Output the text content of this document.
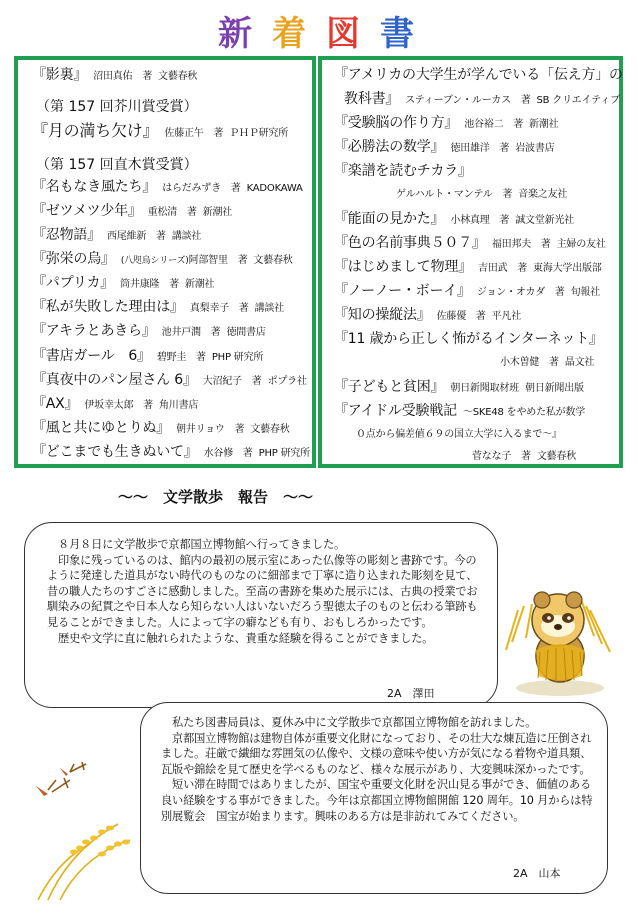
新 着 図 書
『影裏』 沼田真佑　著 文藝春秋
（第 157 回芥川賞受賞）
『月の満ち欠け』 佐藤正午　著 ＰＨＰ研究所
（第 157 回直木賞受賞）
『名もなき風たち』 はらだみずき　著 KADOKAWA
『ゼツメツ少年』 重松清　著 新潮社
『忍物語』 西尾維新　著 講談社
『弥栄の烏』 (八咫烏シリーズ)阿部智里　著 文藝春秋
『パプリカ』 筒井康隆　著 新潮社
『私が失敗した理由は』 真梨幸子　著 講談社
『アキラとあきら』 池井戸潤　著 徳間書店
『書店ガール　6』 碧野圭　著 PHP 研究所
『真夜中のパン屋さん 6』 大沼紀子　著 ポプラ社
『AX』 伊坂幸太郎　著 角川書店
『風と共にゆとりぬ』 朝井リョウ　著 文藝春秋
『どこまでも生きぬいて』 水谷修　著 PHP 研究所
『アメリカの大学生が学んでいる「伝え方」の
教科書』 スティーブン・ルーカス　著 SB クリエイティブ
『受験脳の作り方』 池谷裕二　著 新潮社
『必勝法の数学』 徳田雄洋　著 岩波書店
『楽譜を読むチカラ』
ゲルハルト・マンテル　著 音楽之友社
『能面の見かた』 小林真理　著 誠文堂新光社
『色の名前事典５０７』 福田邦夫　著 主婦の友社
『はじめまして物理』 吉田武　著 東海大学出版部
『ノーノー・ボーイ』 ジョン・オカダ　著 旬報社
『知の操縦法』 佐藤優　著 平凡社
『11 歳から正しく怖がるインターネット』
小木曽健　著 晶文社
『子どもと貧困』 朝日新聞取材班 朝日新聞出版
『アイドル受験戦記 ～SKE48 をやめた私が数学
０点から偏差値６９の国立大学に入るまで～』
菅なな子　著 文藝春秋
～～　文学散歩　報告　～～
　８月８日に文学散歩で京都国立博物館へ行ってきました。
　印象に残っているのは、館内の最初の展示室にあった仏像等の彫刻と書跡です。今のように発達した道具がない時代のものなのに細部まで丁寧に造り込まれた彫刻を見て、昔の職人たちのすごさに感動しました。至高の書跡を集めた展示には、古典の授業でお馴染みの紀貫之や日本人なら知らない人はいないだろう聖徳太子のものと伝わる筆跡も見ることができました。人によって字の癖なども有り、おもしろかったです。
　歴史や文学に直に触れられたような、貴重な経験を得ることができました。
2A　澤田
　私たち図書局員は、夏休み中に文学散歩で京都国立博物館を訪れました。
　京都国立博物館は建物自体が重要文化財になっており、その壮大な煉瓦造に圧倒されました。荘厳で繊細な雰囲気の仏像や、文様の意味や使い方が気になる着物や道具類、瓦版や錦絵を見て歴史を学べるものなど、様々な展示があり、大変興味深かったです。
　短い滞在時間ではありましたが、国宝や重要文化財を沢山見る事ができ、価値のある良い経験をする事ができました。今年は京都国立博物館開館 120 周年。10 月からは特別展覧会　国宝が始まります。興味のある方は是非訪れてみてください。
2A　山本
